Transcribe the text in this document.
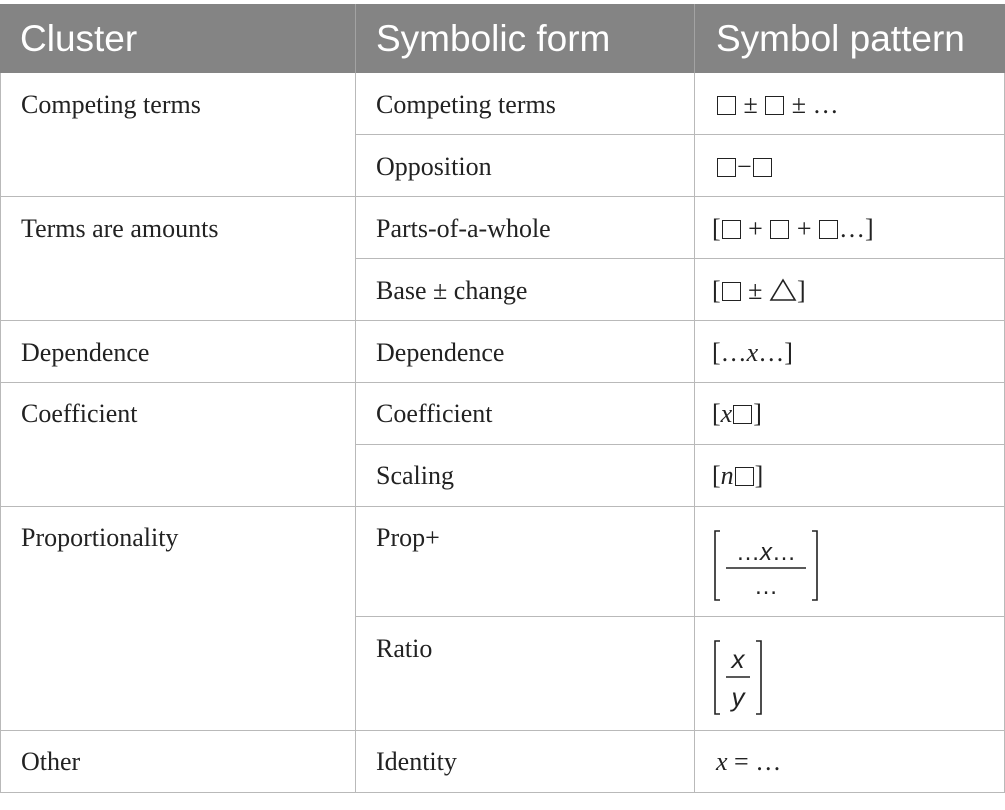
Cluster	Symbolic form	Symbol pattern
Competing terms
Terms are amounts
Dependence
Coefficient
Proportionality
Other
Competing terms
Opposition
Parts-of-a-whole
Base ± change
Dependence
Coefficient
Scaling
Prop+
Ratio
Identity
± ± …
−
[ + + …]
[ ± ]
[…x…]
[x ]
[n ]
…x…
…
x
y
x = …
